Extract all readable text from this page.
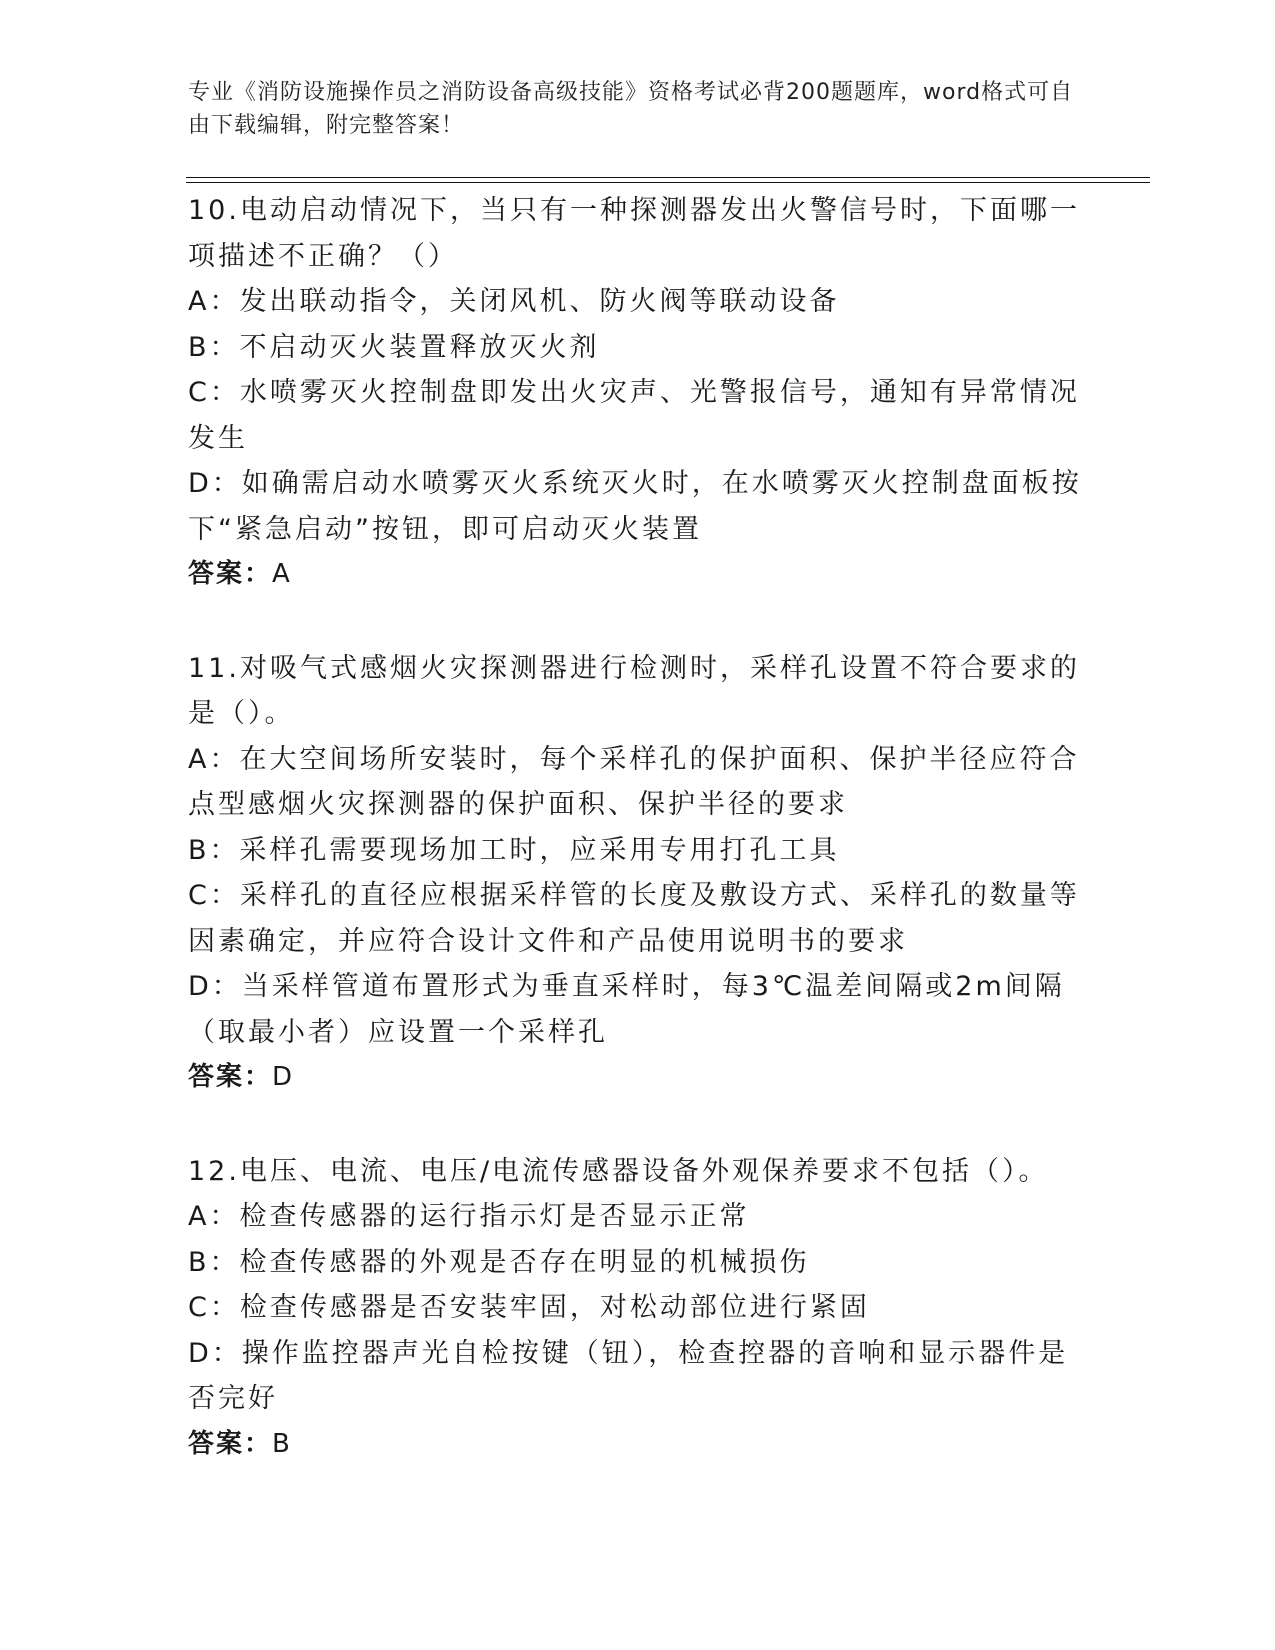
专业《消防设施操作员之消防设备高级技能》资格考试必背200题题库，word格式可自由下载编辑，附完整答案！
10.电动启动情况下，当只有一种探测器发出火警信号时，下面哪一项描述不正确？（）
A：发出联动指令，关闭风机、防火阀等联动设备
B：不启动灭火装置释放灭火剂
C：水喷雾灭火控制盘即发出火灾声、光警报信号，通知有异常情况发生
D：如确需启动水喷雾灭火系统灭火时，在水喷雾灭火控制盘面板按下“紧急启动”按钮，即可启动灭火装置
答案：A
11.对吸气式感烟火灾探测器进行检测时，采样孔设置不符合要求的是（）。
A：在大空间场所安装时，每个采样孔的保护面积、保护半径应符合点型感烟火灾探测器的保护面积、保护半径的要求
B：采样孔需要现场加工时，应采用专用打孔工具
C：采样孔的直径应根据采样管的长度及敷设方式、采样孔的数量等因素确定，并应符合设计文件和产品使用说明书的要求
D：当采样管道布置形式为垂直采样时，每3℃温差间隔或2m间隔（取最小者）应设置一个采样孔
答案：D
12.电压、电流、电压/电流传感器设备外观保养要求不包括（）。
A：检查传感器的运行指示灯是否显示正常
B：检查传感器的外观是否存在明显的机械损伤
C：检查传感器是否安装牢固，对松动部位进行紧固
D：操作监控器声光自检按键（钮），检查控器的音响和显示器件是否完好
答案：B
